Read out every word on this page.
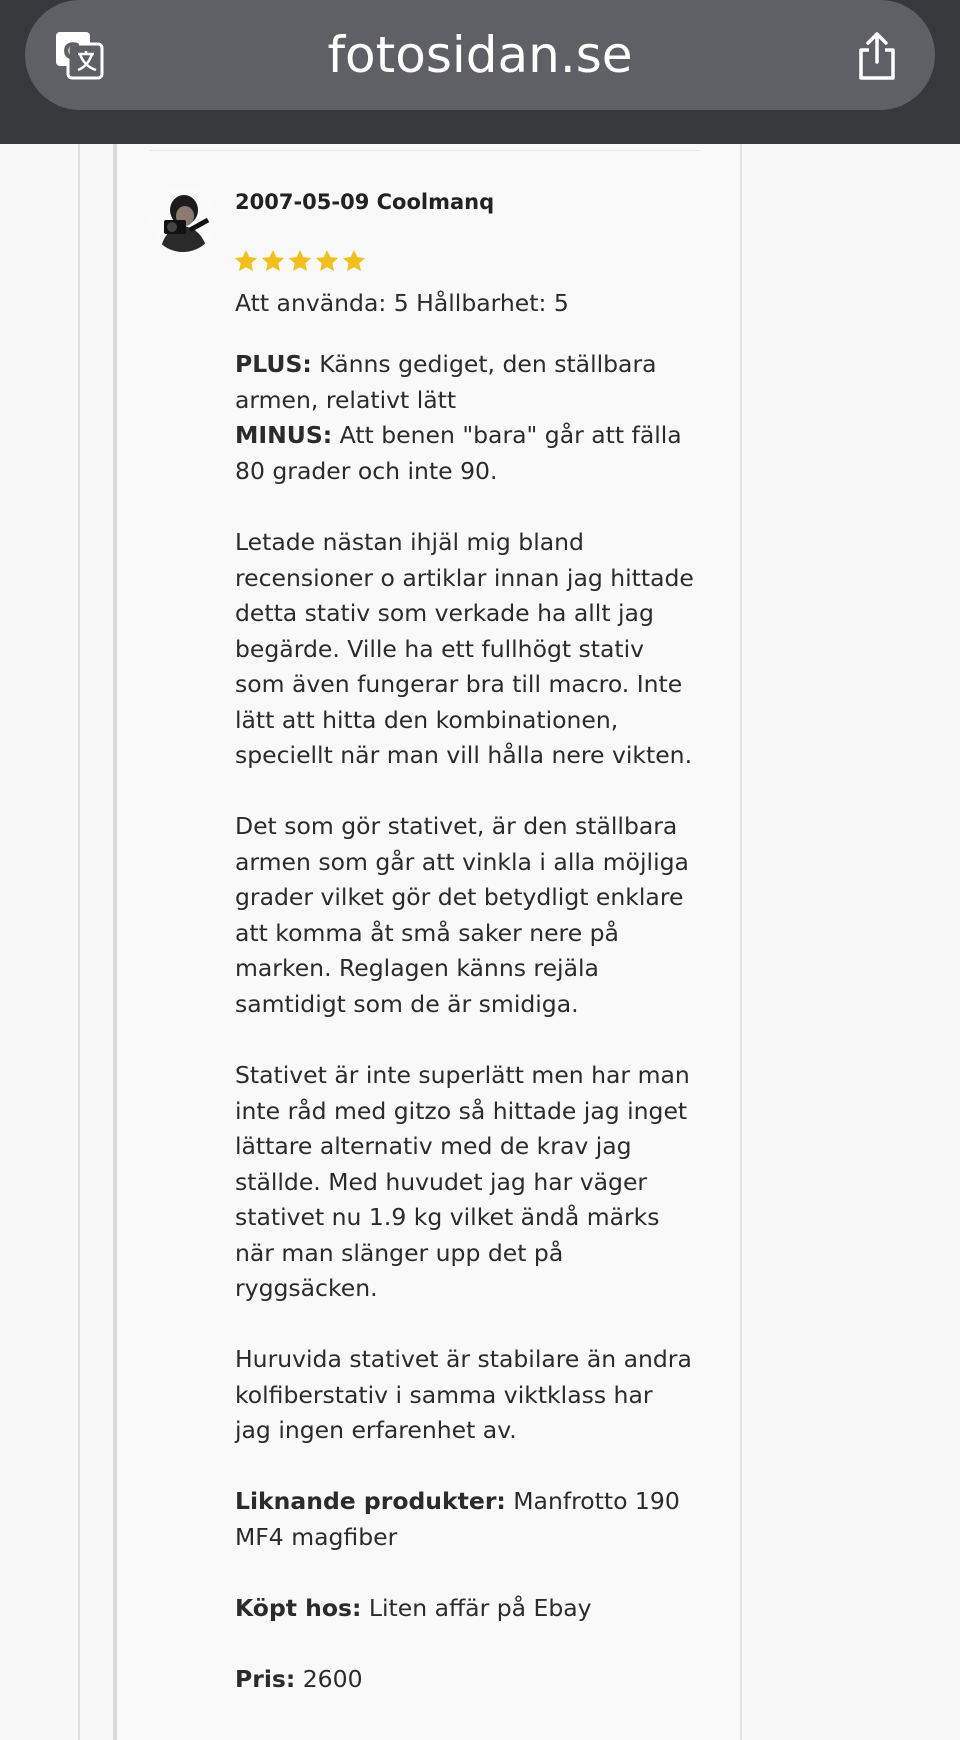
fotosidan.se
G
2007-05-09 Coolmanq
Att använda: 5 Hållbarhet: 5
PLUS: Känns gediget, den ställbara
armen, relativt lätt
MINUS: Att benen "bara" går att fälla
80 grader och inte 90.
Letade nästan ihjäl mig bland
recensioner o artiklar innan jag hittade
detta stativ som verkade ha allt jag
begärde. Ville ha ett fullhögt stativ
som även fungerar bra till macro. Inte
lätt att hitta den kombinationen,
speciellt när man vill hålla nere vikten.
Det som gör stativet, är den ställbara
armen som går att vinkla i alla möjliga
grader vilket gör det betydligt enklare
att komma åt små saker nere på
marken. Reglagen känns rejäla
samtidigt som de är smidiga.
Stativet är inte superlätt men har man
inte råd med gitzo så hittade jag inget
lättare alternativ med de krav jag
ställde. Med huvudet jag har väger
stativet nu 1.9 kg vilket ändå märks
när man slänger upp det på
ryggsäcken.
Huruvida stativet är stabilare än andra
kolfiberstativ i samma viktklass har
jag ingen erfarenhet av.
Liknande produkter: Manfrotto 190
MF4 magfiber
Köpt hos: Liten affär på Ebay
Pris: 2600
